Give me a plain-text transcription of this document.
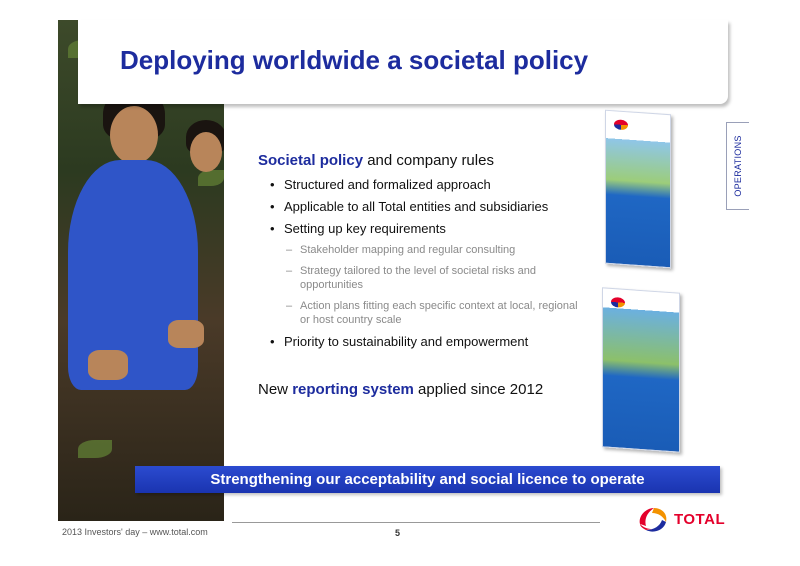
Deploying worldwide a societal policy
OPERATIONS

Societal policy and company rules

• Structured and formalized approach
• Applicable to all Total entities and subsidiaries
• Setting up key requirements
– Stakeholder mapping and regular consulting
– Strategy tailored to the level of societal risks and opportunities
– Action plans fitting each specific context at local, regional or host country scale
• Priority to sustainability and empowerment

New reporting system applied since 2012

Strengthening our acceptability and social licence to operate
2013 Investors' day – www.total.com	5
TOTAL
